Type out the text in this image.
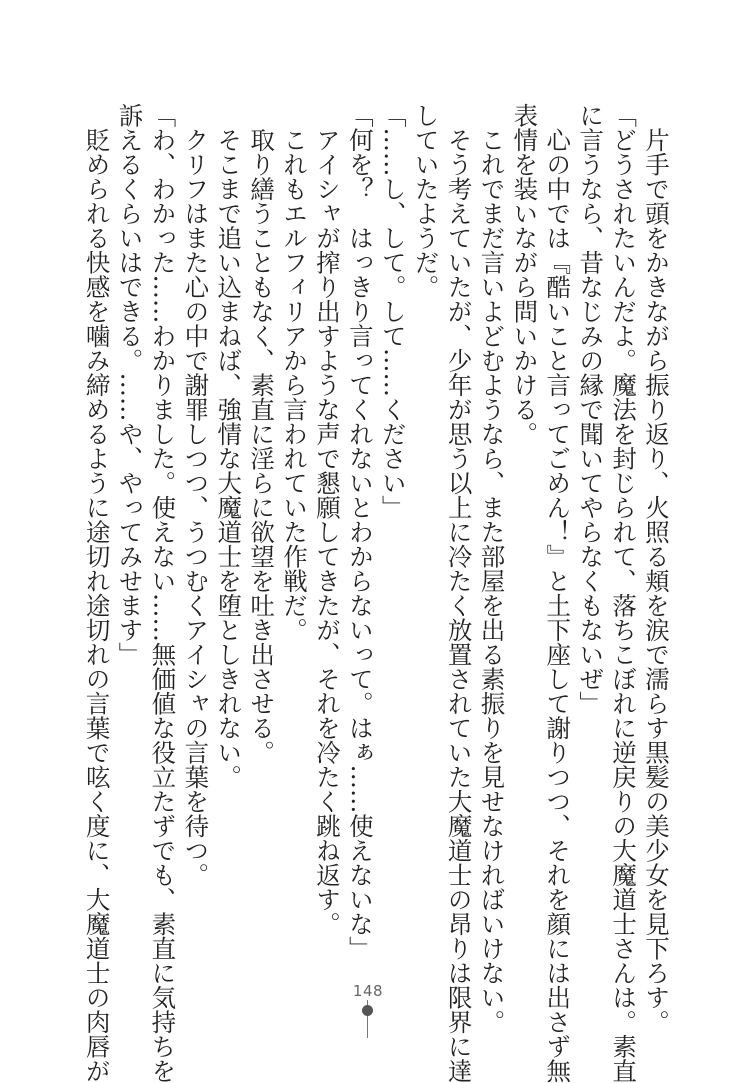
　片手で頭をかきながら振り返り、火照る頬を涙で濡らす黒髪の美少女を見下ろす。

「どうされたいんだよ。魔法を封じられて、落ちこぼれに逆戻りの大魔道士さんは。素直

に言うなら、昔なじみの縁で聞いてやらなくもないぜ」

　心の中では『酷いこと言ってごめん！』と土下座して謝りつつ、それを顔には出さず無

表情を装いながら問いかける。

　これでまだ言いよどむようなら、また部屋を出る素振りを見せなければいけない。

　そう考えていたが、少年が思う以上に冷たく放置されていた大魔道士の昂りは限界に達

していたようだ。

「……し、して。して……ください」

「何を？　はっきり言ってくれないとわからないって。はぁ……使えないな」

　アイシャが搾り出すような声で懇願してきたが、それを冷たく跳ね返す。

　これもエルフィリアから言われていた作戦だ。

　取り繕うこともなく、素直に淫らに欲望を吐き出させる。

　そこまで追い込まねば、強情な大魔道士を堕としきれない。

　クリフはまた心の中で謝罪しつつ、うつむくアイシャの言葉を待つ。

「わ、わかった……わかりました。使えない……無価値な役立たずでも、素直に気持ちを

訴えるくらいはできる。……や、やってみせます」

　貶められる快感を噛み締めるように途切れ途切れの言葉で呟く度に、大魔道士の肉唇が	148
